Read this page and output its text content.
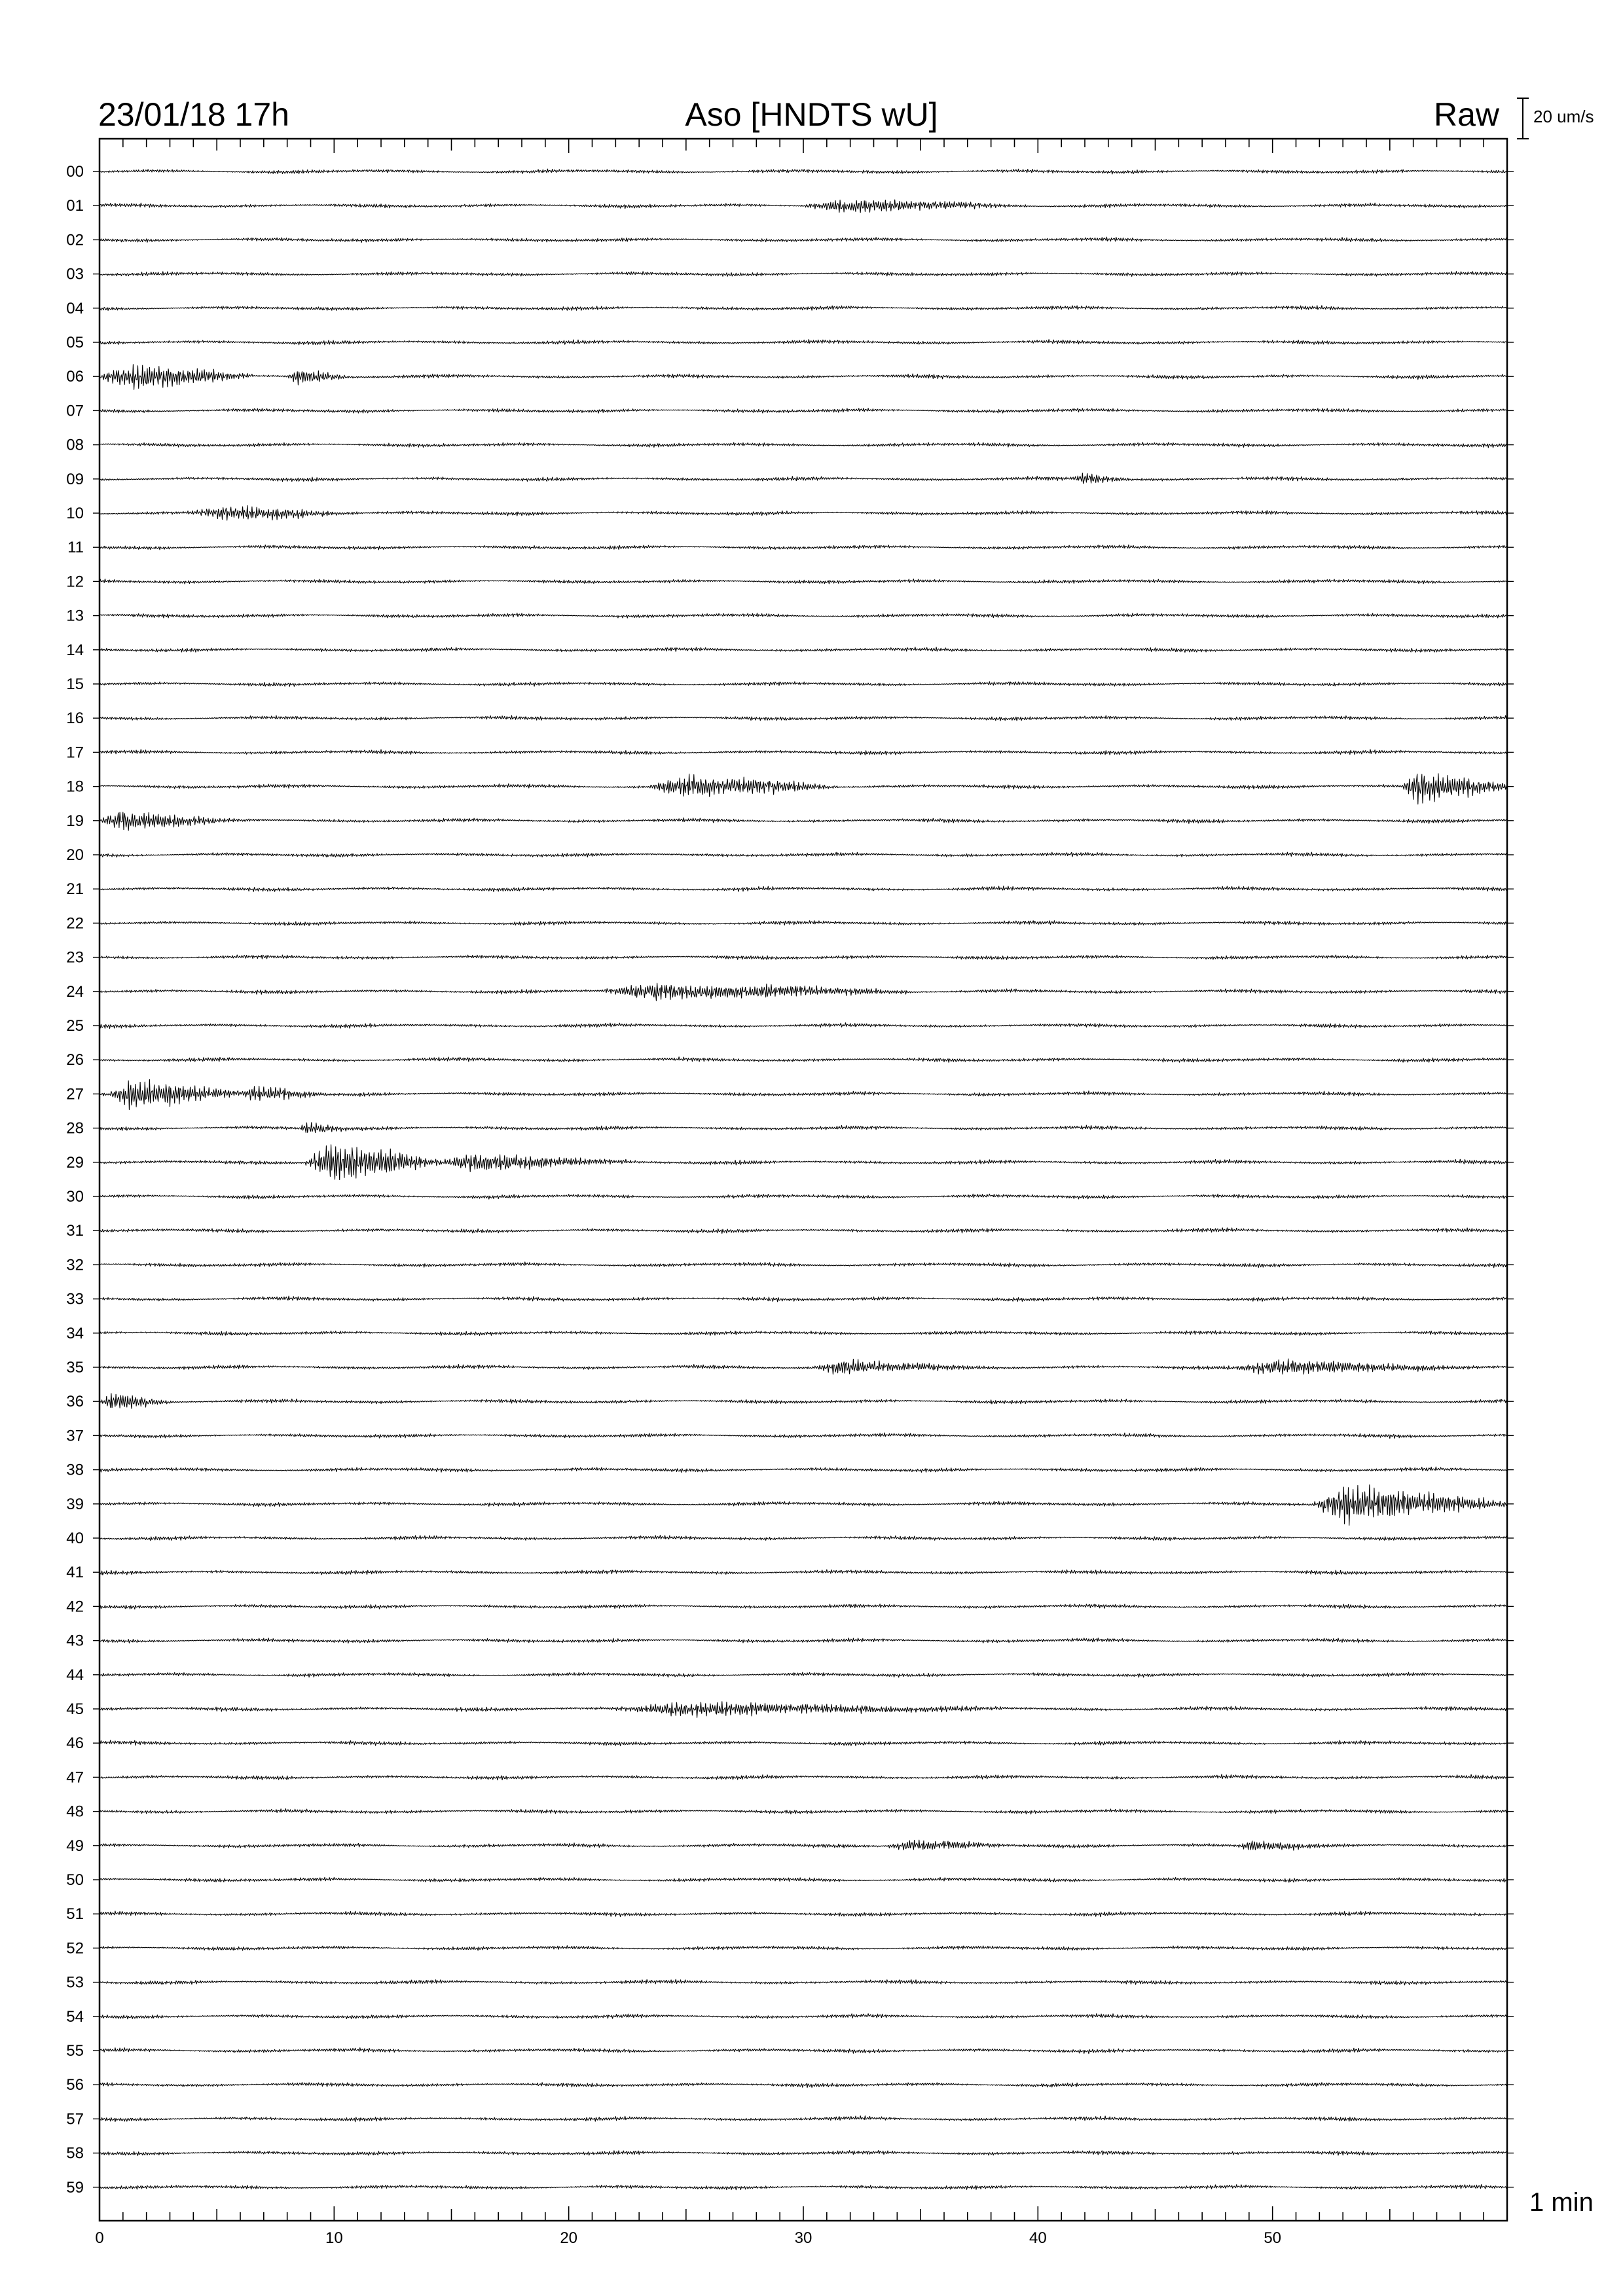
23/01/18 17h	Aso [HNDTS wU]	Raw 20 um/s
1 min
0	10	20	30	40	50
00
01
02
03
04
05
06
07
08
09
10
11
12
13
14
15
16
17
18
19
20
21
22
23
24
25
26
27
28
29
30
31
32
33
34
35
36
37
38
39
40
41
42
43
44
45
46
47
48
49
50
51
52
53
54
55
56
57
58
59
